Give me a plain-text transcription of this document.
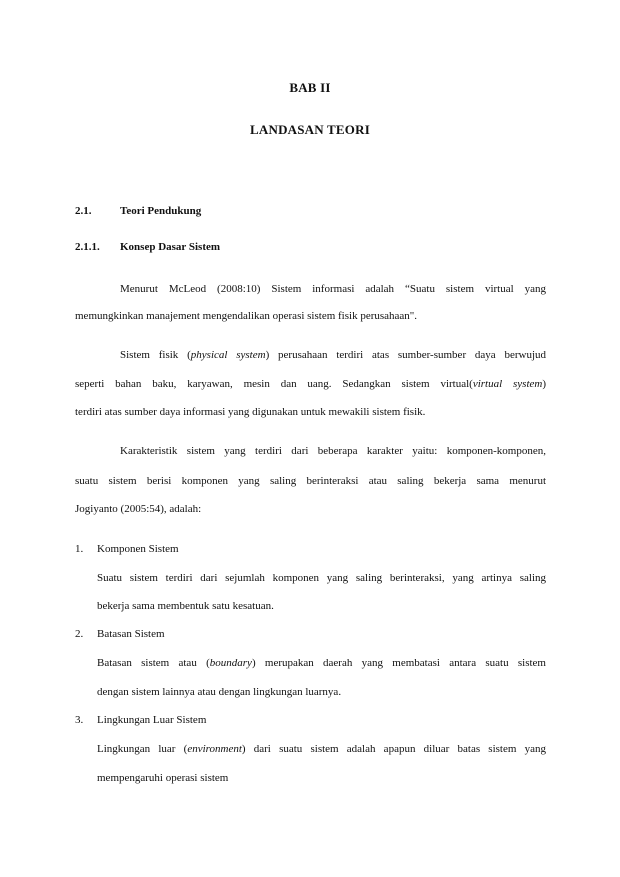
BAB II
LANDASAN TEORI
2.1.	Teori Pendukung
2.1.1. Konsep Dasar Sistem
Menurut McLeod (2008:10) Sistem informasi adalah “Suatu sistem virtual yang
memungkinkan manajement mengendalikan operasi sistem fisik perusahaan".
Sistem fisik (physical system) perusahaan terdiri atas sumber-sumber daya berwujud
seperti bahan baku, karyawan, mesin dan uang. Sedangkan sistem virtual(virtual system)
terdiri atas sumber daya informasi yang digunakan untuk mewakili sistem fisik.
Karakteristik sistem yang terdiri dari beberapa karakter yaitu: komponen-komponen,
suatu sistem berisi komponen yang saling berinteraksi atau saling bekerja sama menurut
Jogiyanto (2005:54), adalah:
1. Komponen Sistem
Suatu sistem terdiri dari sejumlah komponen yang saling berinteraksi, yang artinya saling
bekerja sama membentuk satu kesatuan.
2. Batasan Sistem
Batasan sistem atau (boundary) merupakan daerah yang membatasi antara suatu sistem
dengan sistem lainnya atau dengan lingkungan luarnya.
3. Lingkungan Luar Sistem
Lingkungan luar (environment) dari suatu sistem adalah apapun diluar batas sistem yang
mempengaruhi operasi sistem
